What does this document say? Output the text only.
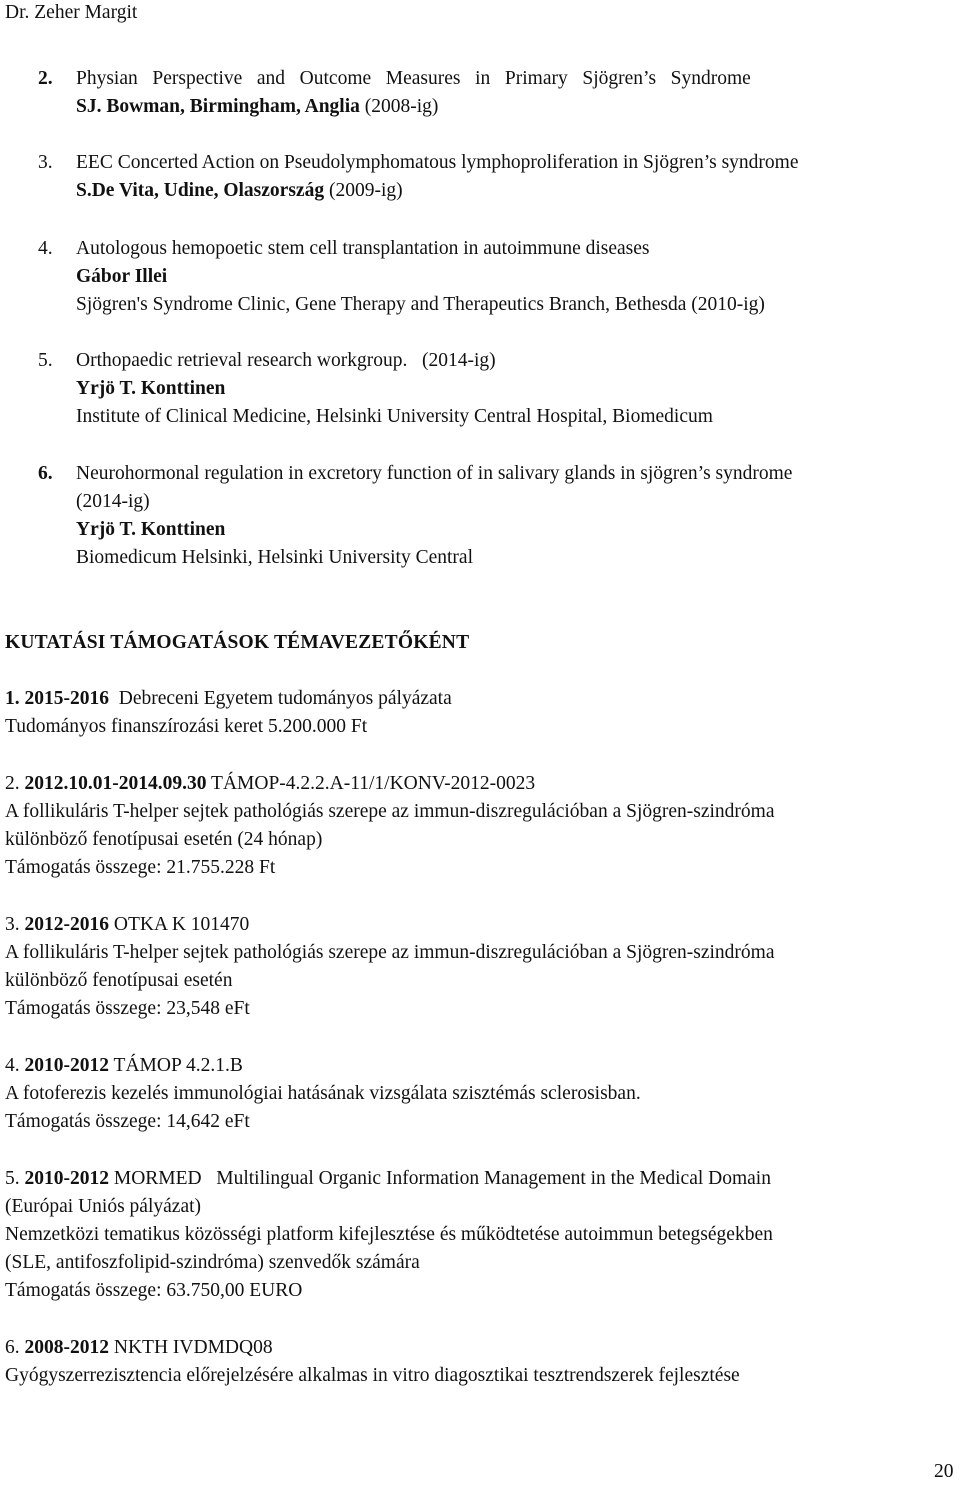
Dr. Zeher Margit
2. Physian   Perspective   and   Outcome   Measures   in   Primary   Sjögren’s   Syndrome
SJ. Bowman, Birmingham, Anglia (2008-ig)
3. EEC Concerted Action on Pseudolymphomatous lymphoproliferation in Sjögren’s syndrome
S.De Vita, Udine, Olaszország (2009-ig)
4. Autologous hemopoetic stem cell transplantation in autoimmune diseases
Gábor Illei
Sjögren's Syndrome Clinic, Gene Therapy and Therapeutics Branch, Bethesda (2010-ig)
5. Orthopaedic retrieval research workgroup.   (2014-ig)
Yrjö T. Konttinen
Institute of Clinical Medicine, Helsinki University Central Hospital, Biomedicum
6. Neurohormonal regulation in excretory function of in salivary glands in sjögren’s syndrome
(2014-ig)
Yrjö T. Konttinen
Biomedicum Helsinki, Helsinki University Central
KUTATÁSI TÁMOGATÁSOK TÉMAVEZETŐKÉNT
1. 2015-2016 Debreceni Egyetem tudományos pályázata
Tudományos finanszírozási keret 5.200.000 Ft
2. 2012.10.01-2014.09.30 TÁMOP-4.2.2.A-11/1/KONV-2012-0023
A follikuláris T-helper sejtek pathológiás szerepe az immun-diszregulációban a Sjögren-szindróma
különböző fenotípusai esetén (24 hónap)
Támogatás összege: 21.755.228 Ft
3. 2012-2016 OTKA K 101470
A follikuláris T-helper sejtek pathológiás szerepe az immun-diszregulációban a Sjögren-szindróma
különböző fenotípusai esetén
Támogatás összege: 23,548 eFt
4. 2010-2012 TÁMOP 4.2.1.B
A fotoferezis kezelés immunológiai hatásának vizsgálata szisztémás sclerosisban.
Támogatás összege: 14,642 eFt
5. 2010-2012 MORMED   Multilingual Organic Information Management in the Medical Domain
(Európai Uniós pályázat)
Nemzetközi tematikus közösségi platform kifejlesztése és működtetése autoimmun betegségekben
(SLE, antifoszfolipid-szindróma) szenvedők számára
Támogatás összege: 63.750,00 EURO
6. 2008-2012 NKTH IVDMDQ08
Gyógyszerrezisztencia előrejelzésére alkalmas in vitro diagosztikai tesztrendszerek fejlesztése
20
